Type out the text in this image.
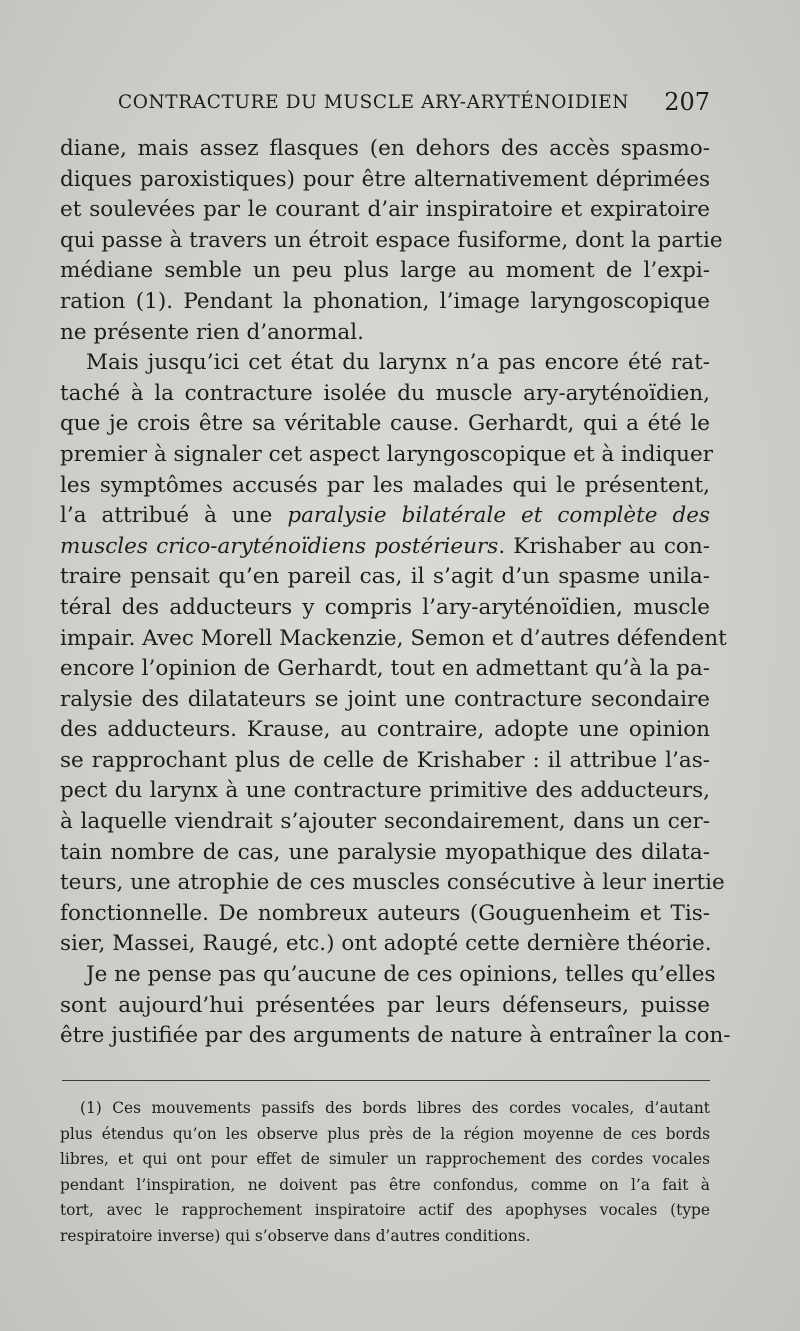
CONTRACTURE DU MUSCLE ARY-ARYTÉNOIDIEN 207
diane, mais assez flasques (en dehors des accès spasmo-
diques paroxistiques) pour être alternativement déprimées
et soulevées par le courant d’air inspiratoire et expiratoire
qui passe à travers un étroit espace fusiforme, dont la partie
médiane semble un peu plus large au moment de l’expi-
ration (1). Pendant la phonation, l’image laryngoscopique
ne présente rien d’anormal.
Mais jusqu’ici cet état du larynx n’a pas encore été rat-
taché à la contracture isolée du muscle ary-aryténoïdien,
que je crois être sa véritable cause. Gerhardt, qui a été le
premier à signaler cet aspect laryngoscopique et à indiquer
les symptômes accusés par les malades qui le présentent,
l’a attribué à une paralysie bilatérale et complète des
muscles crico-aryténoïdiens postérieurs. Krishaber au con-
traire pensait qu’en pareil cas, il s’agit d’un spasme unila-
téral des adducteurs y compris l’ary-aryténoïdien, muscle
impair. Avec Morell Mackenzie, Semon et d’autres défendent
encore l’opinion de Gerhardt, tout en admettant qu’à la pa-
ralysie des dilatateurs se joint une contracture secondaire
des adducteurs. Krause, au contraire, adopte une opinion
se rapprochant plus de celle de Krishaber : il attribue l’as-
pect du larynx à une contracture primitive des adducteurs,
à laquelle viendrait s’ajouter secondairement, dans un cer-
tain nombre de cas, une paralysie myopathique des dilata-
teurs, une atrophie de ces muscles consécutive à leur inertie
fonctionnelle. De nombreux auteurs (Gouguenheim et Tis-
sier, Massei, Raugé, etc.) ont adopté cette dernière théorie.
Je ne pense pas qu’aucune de ces opinions, telles qu’elles
sont aujourd’hui présentées par leurs défenseurs, puisse
être justifiée par des arguments de nature à entraîner la con-
(1) Ces mouvements passifs des bords libres des cordes vocales, d’autant
plus étendus qu’on les observe plus près de la région moyenne de ces bords
libres, et qui ont pour effet de simuler un rapprochement des cordes vocales
pendant l’inspiration, ne doivent pas être confondus, comme on l’a fait à
tort, avec le rapprochement inspiratoire actif des apophyses vocales (type
respiratoire inverse) qui s’observe dans d’autres conditions.
